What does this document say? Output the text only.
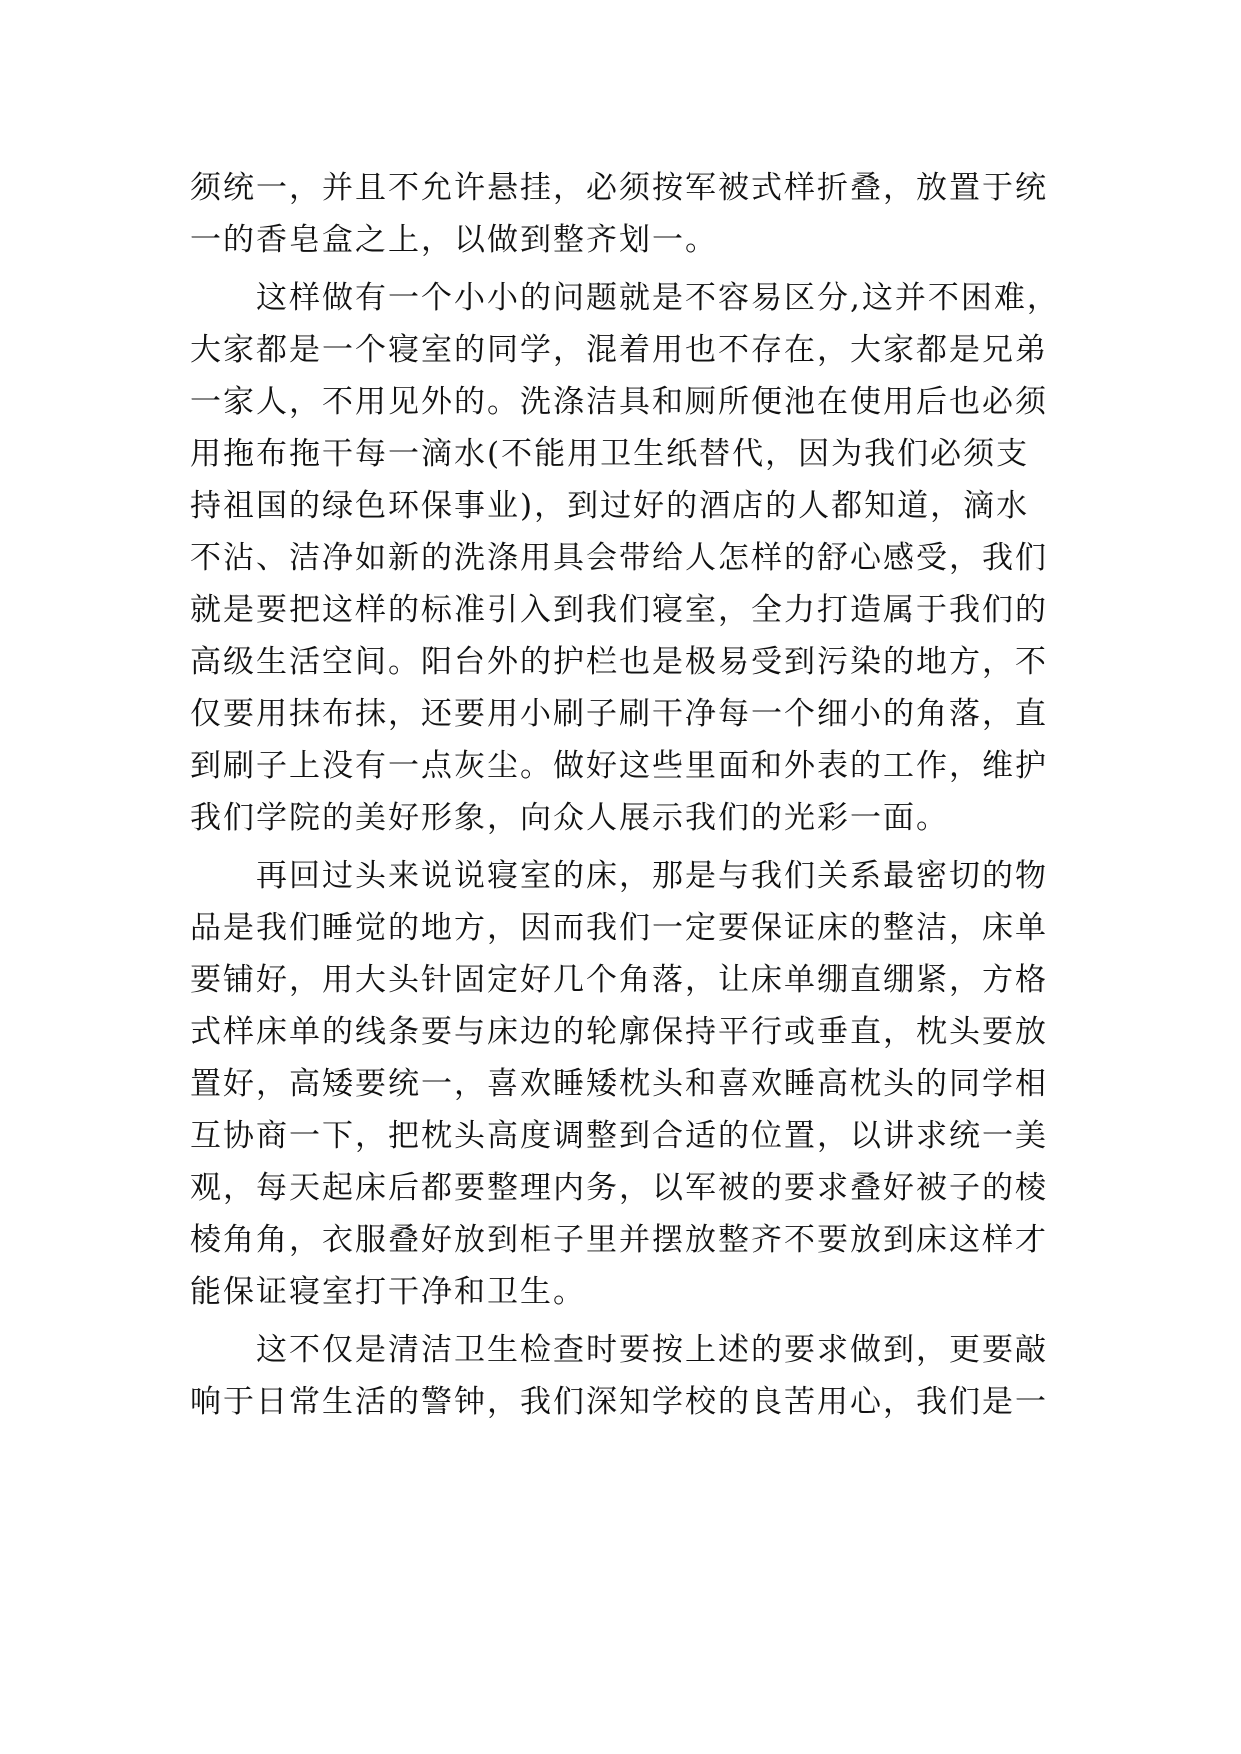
须统一，并且不允许悬挂，必须按军被式样折叠，放置于统
一的香皂盒之上，以做到整齐划一。
这样做有一个小小的问题就是不容易区分,这并不困难，
大家都是一个寝室的同学，混着用也不存在，大家都是兄弟
一家人，不用见外的。洗涤洁具和厕所便池在使用后也必须
用拖布拖干每一滴水(不能用卫生纸替代，因为我们必须支
持祖国的绿色环保事业)，到过好的酒店的人都知道，滴水
不沾、洁净如新的洗涤用具会带给人怎样的舒心感受，我们
就是要把这样的标准引入到我们寝室，全力打造属于我们的
高级生活空间。阳台外的护栏也是极易受到污染的地方，不
仅要用抹布抹，还要用小刷子刷干净每一个细小的角落，直
到刷子上没有一点灰尘。做好这些里面和外表的工作，维护
我们学院的美好形象，向众人展示我们的光彩一面。
再回过头来说说寝室的床，那是与我们关系最密切的物
品是我们睡觉的地方，因而我们一定要保证床的整洁，床单
要铺好，用大头针固定好几个角落，让床单绷直绷紧，方格
式样床单的线条要与床边的轮廓保持平行或垂直，枕头要放
置好，高矮要统一，喜欢睡矮枕头和喜欢睡高枕头的同学相
互协商一下，把枕头高度调整到合适的位置，以讲求统一美
观，每天起床后都要整理内务，以军被的要求叠好被子的棱
棱角角，衣服叠好放到柜子里并摆放整齐不要放到床这样才
能保证寝室打干净和卫生。
这不仅是清洁卫生检查时要按上述的要求做到，更要敲
响于日常生活的警钟，我们深知学校的良苦用心，我们是一
